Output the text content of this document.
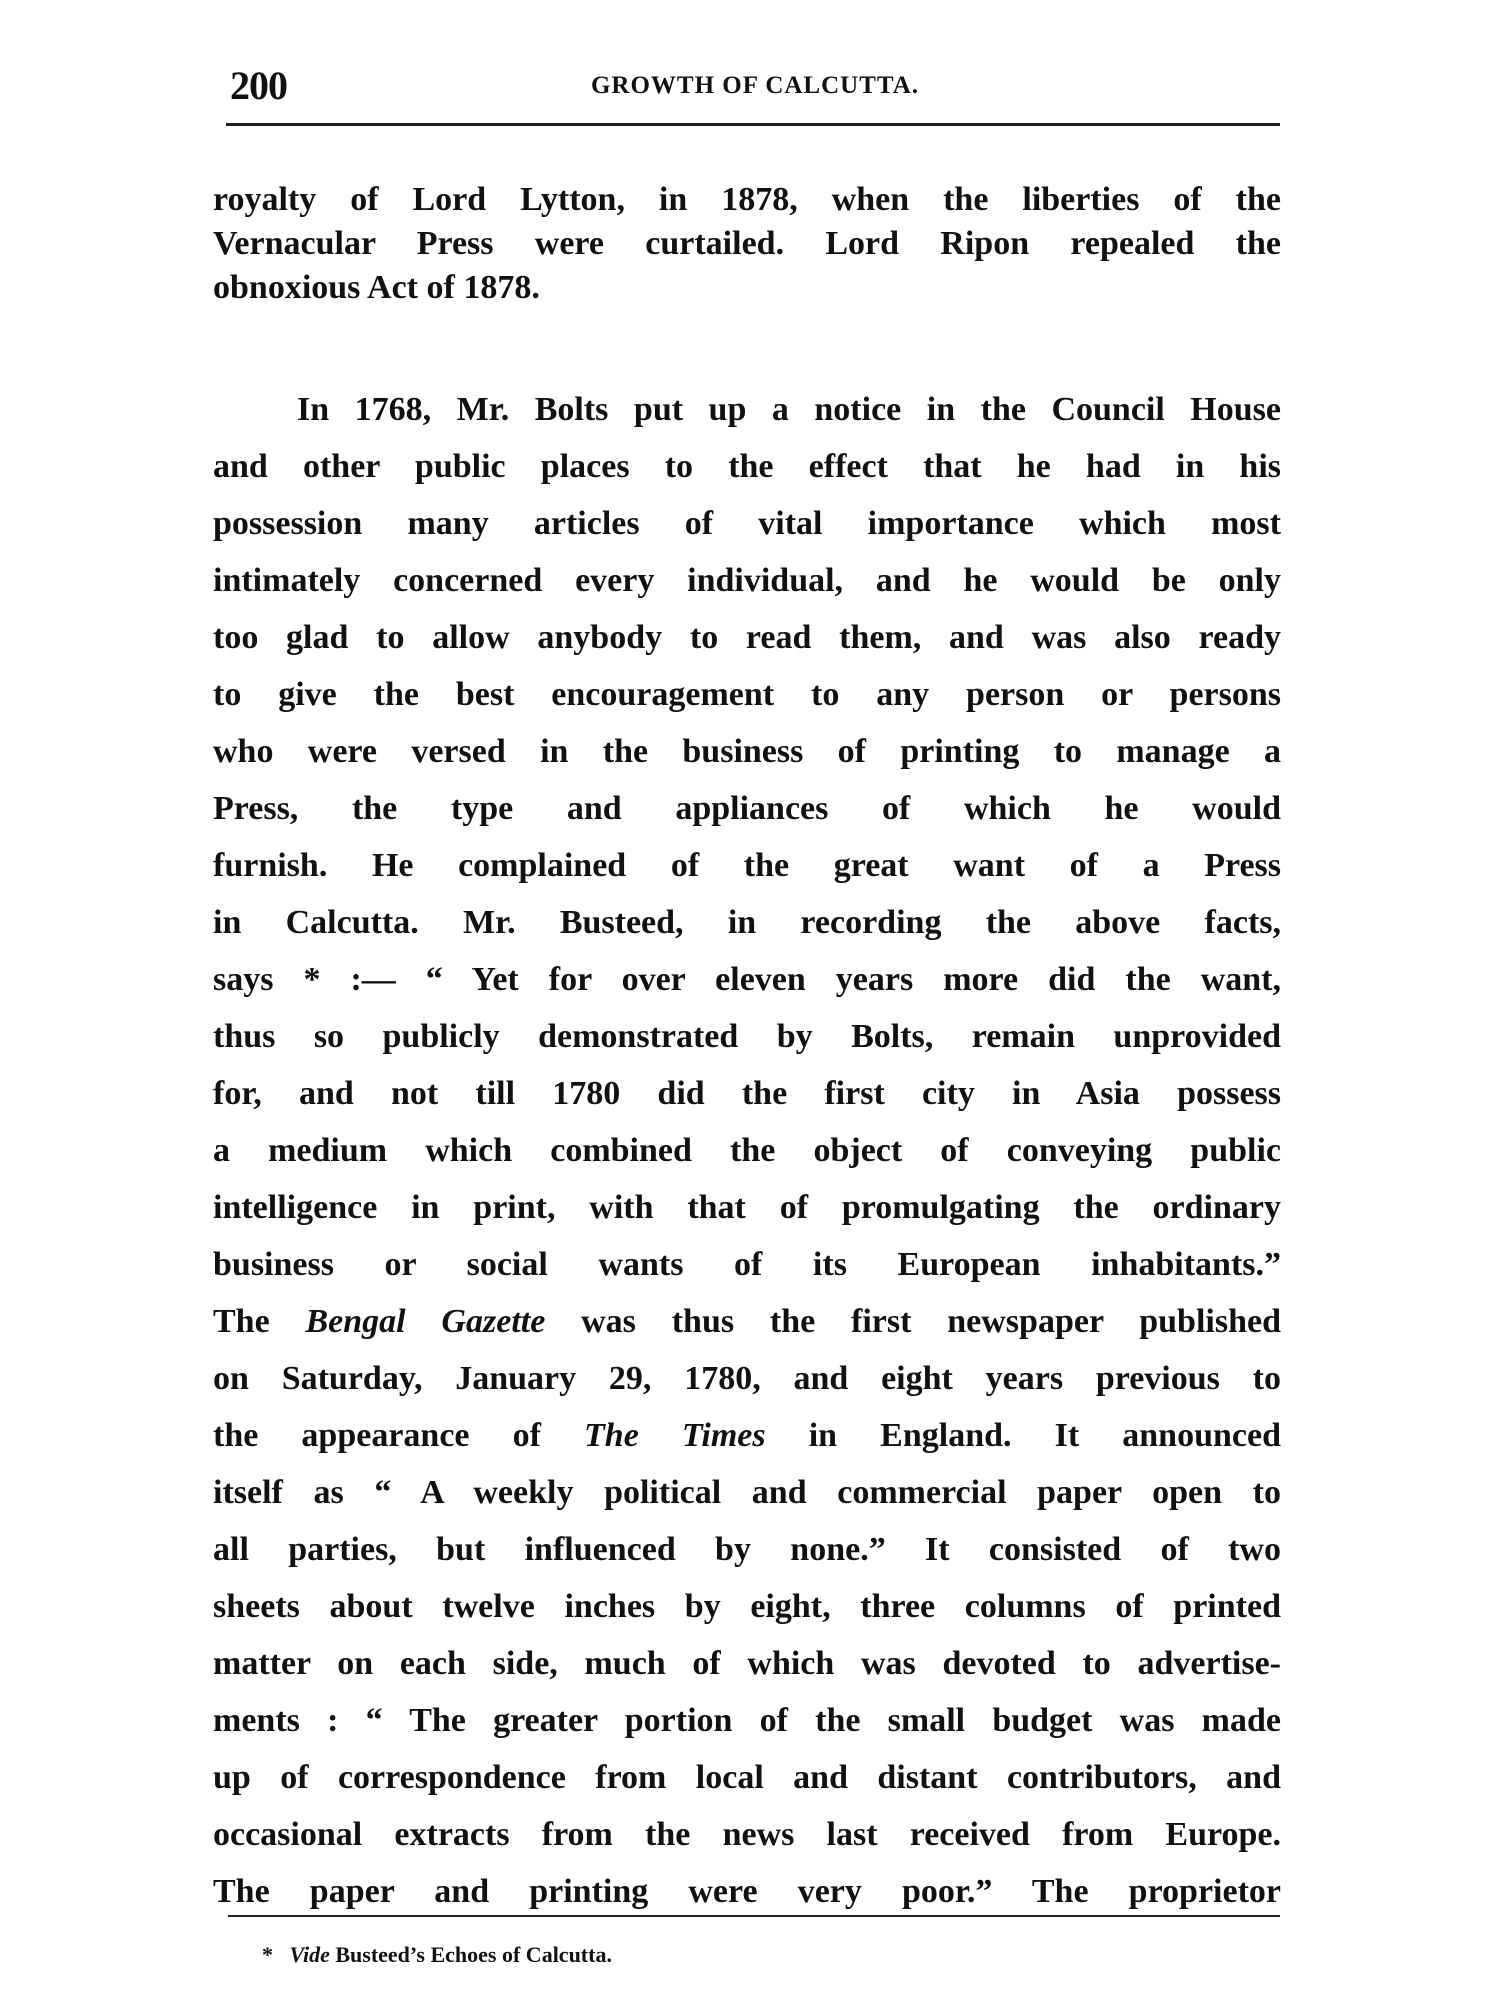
200	GROWTH OF CALCUTTA.
royalty of Lord Lytton, in 1878, when the liberties of the
Vernacular Press were curtailed. Lord Ripon repealed the
obnoxious Act of 1878.
In 1768, Mr. Bolts put up a notice in the Council House
and other public places to the effect that he had in his
possession many articles of vital importance which most
intimately concerned every individual, and he would be only
too glad to allow anybody to read them, and was also ready
to give the best encouragement to any person or persons
who were versed in the business of printing to manage a
Press, the type and appliances of which he would
furnish. He complained of the great want of a Press
in Calcutta. Mr. Busteed, in recording the above facts,
says * :— “ Yet for over eleven years more did the want,
thus so publicly demonstrated by Bolts, remain unprovided
for, and not till 1780 did the first city in Asia possess
a medium which combined the object of conveying public
intelligence in print, with that of promulgating the ordinary
business or social wants of its European inhabitants.”
The Bengal Gazette was thus the first newspaper published
on Saturday, January 29, 1780, and eight years previous to
the appearance of The Times in England. It announced
itself as “ A weekly political and commercial paper open to
all parties, but influenced by none.” It consisted of two
sheets about twelve inches by eight, three columns of printed
matter on each side, much of which was devoted to advertise-
ments : “ The greater portion of the small budget was made
up of correspondence from local and distant contributors, and
occasional extracts from the news last received from Europe.
The paper and printing were very poor.” The proprietor
* Vide Busteed’s Echoes of Calcutta.
